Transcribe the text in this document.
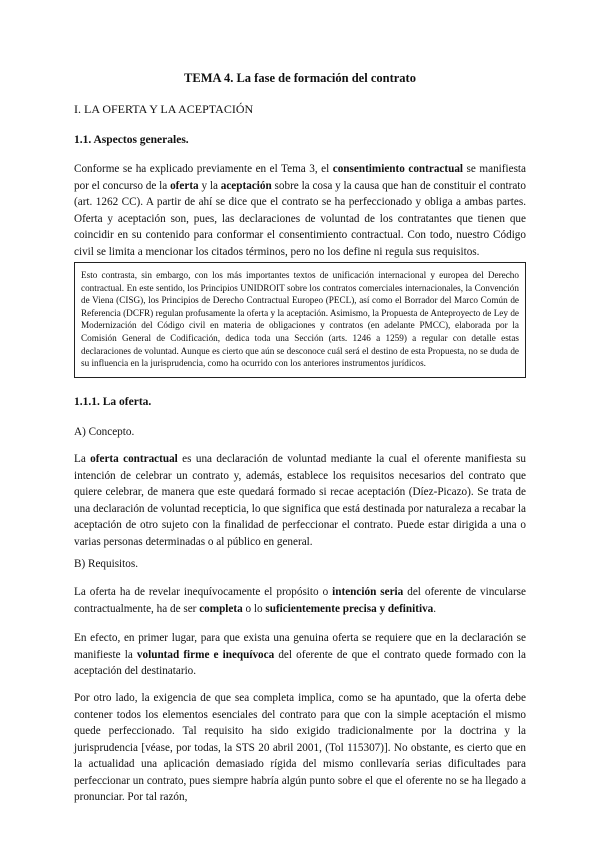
TEMA 4. La fase de formación del contrato
I. LA OFERTA Y LA ACEPTACIÓN
1.1. Aspectos generales.

Conforme se ha explicado previamente en el Tema 3, el consentimiento contractual se manifiesta por el concurso de la oferta y la aceptación sobre la cosa y la causa que han de constituir el contrato (art. 1262 CC). A partir de ahí se dice que el contrato se ha perfeccionado y obliga a ambas partes. Oferta y aceptación son, pues, las declaraciones de voluntad de los contratantes que tienen que coincidir en su contenido para conformar el consentimiento contractual. Con todo, nuestro Código civil se limita a mencionar los citados términos, pero no los define ni regula sus requisitos.

Esto contrasta, sin embargo, con los más importantes textos de unificación internacional y europea del Derecho contractual. En este sentido, los Principios UNIDROIT sobre los contratos comerciales internacionales, la Convención de Viena (CISG), los Principios de Derecho Contractual Europeo (PECL), así como el Borrador del Marco Común de Referencia (DCFR) regulan profusamente la oferta y la aceptación. Asimismo, la Propuesta de Anteproyecto de Ley de Modernización del Código civil en materia de obligaciones y contratos (en adelante PMCC), elaborada por la Comisión General de Codificación, dedica toda una Sección (arts. 1246 a 1259) a regular con detalle estas declaraciones de voluntad. Aunque es cierto que aún se desconoce cuál será el destino de esta Propuesta, no se duda de su influencia en la jurisprudencia, como ha ocurrido con los anteriores instrumentos jurídicos.

1.1.1. La oferta.
A) Concepto.

La oferta contractual es una declaración de voluntad mediante la cual el oferente manifiesta su intención de celebrar un contrato y, además, establece los requisitos necesarios del contrato que quiere celebrar, de manera que este quedará formado si recae aceptación (Díez-Picazo). Se trata de una declaración de voluntad recepticia, lo que significa que está destinada por naturaleza a recabar la aceptación de otro sujeto con la finalidad de perfeccionar el contrato. Puede estar dirigida a una o varias personas determinadas o al público en general.

B) Requisitos.

La oferta ha de revelar inequívocamente el propósito o intención seria del oferente de vincularse contractualmente, ha de ser completa o lo suficientemente precisa y definitiva.

En efecto, en primer lugar, para que exista una genuina oferta se requiere que en la declaración se manifieste la voluntad firme e inequívoca del oferente de que el contrato quede formado con la aceptación del destinatario.

Por otro lado, la exigencia de que sea completa implica, como se ha apuntado, que la oferta debe contener todos los elementos esenciales del contrato para que con la simple aceptación el mismo quede perfeccionado. Tal requisito ha sido exigido tradicionalmente por la doctrina y la jurisprudencia [véase, por todas, la STS 20 abril 2001, (Tol 115307)]. No obstante, es cierto que en la actualidad una aplicación demasiado rígida del mismo conllevaría serias dificultades para perfeccionar un contrato, pues siempre habría algún punto sobre el que el oferente no se ha llegado a pronunciar. Por tal razón,
